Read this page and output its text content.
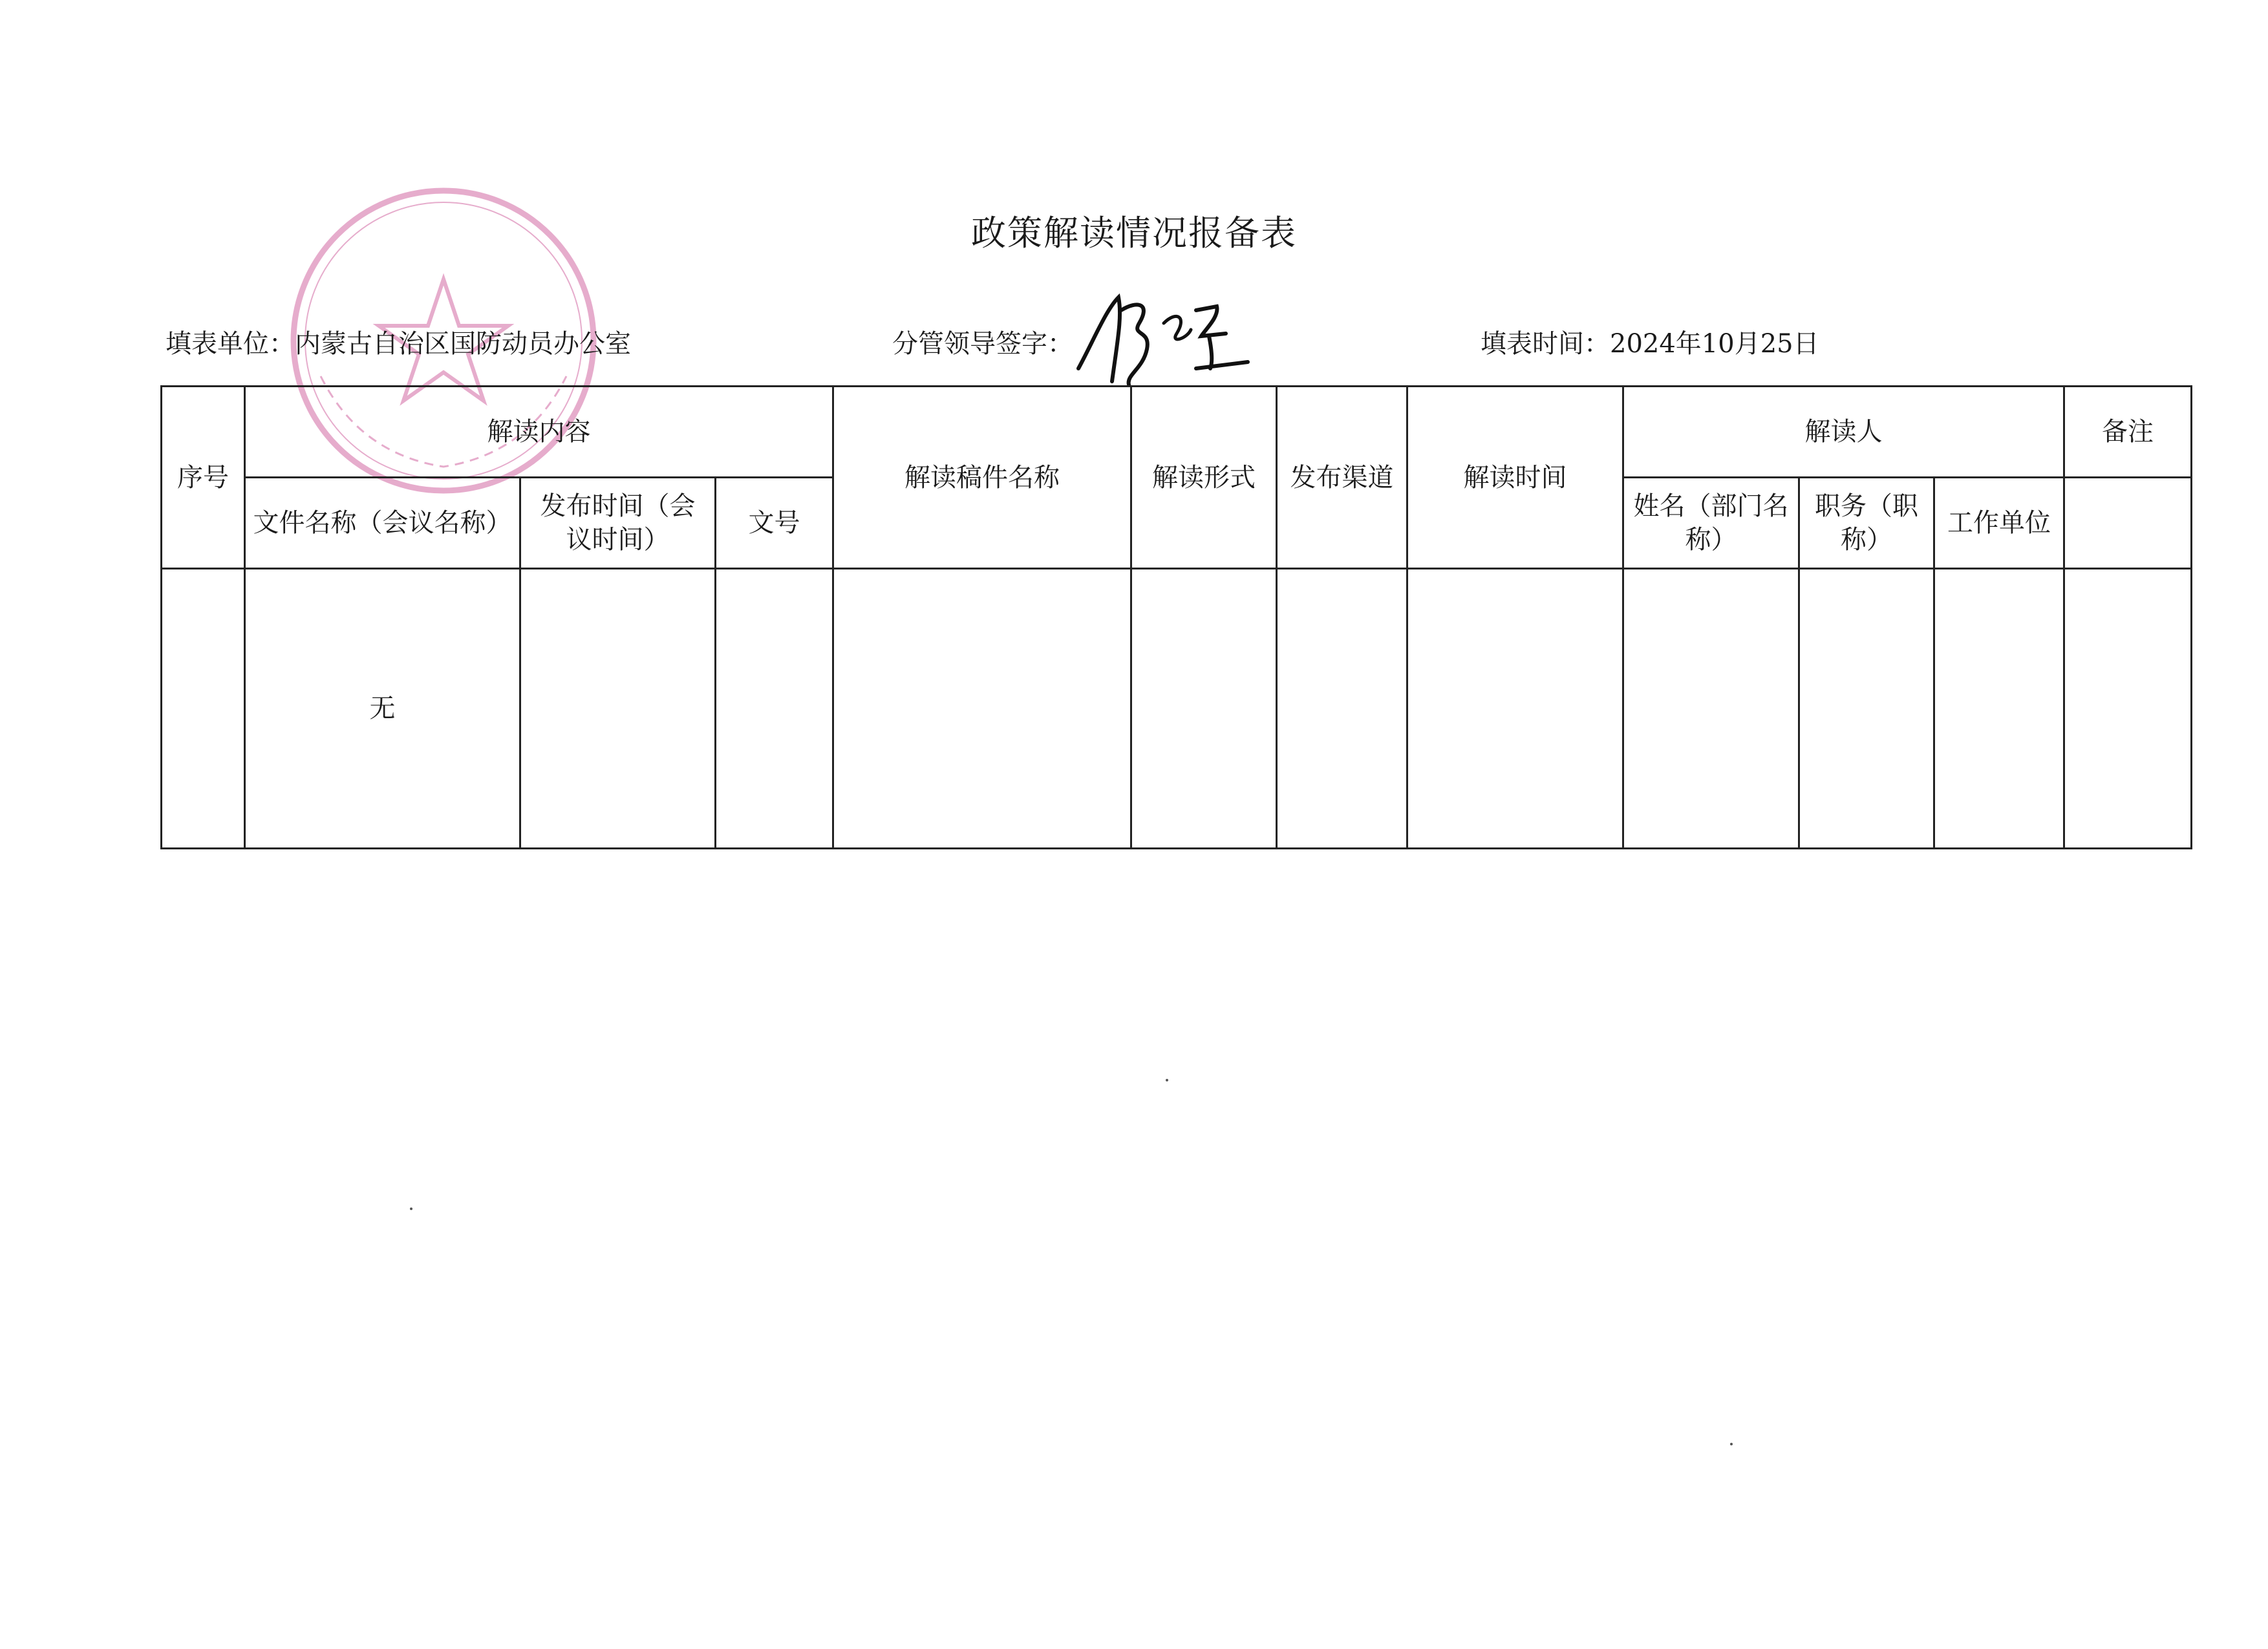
政策解读情况报备表
填表单位：内蒙古自治区国防动员办公室	分管领导签字：	填表时间：2024年10月25日
序号	解读内容			解读稿件名称	解读形式	发布渠道	解读时间	解读人			备注
	文件名称（会议名称）	发布时间（会议时间）	文号					姓名（部门名称）	职务（职称）	工作单位	
	无										
